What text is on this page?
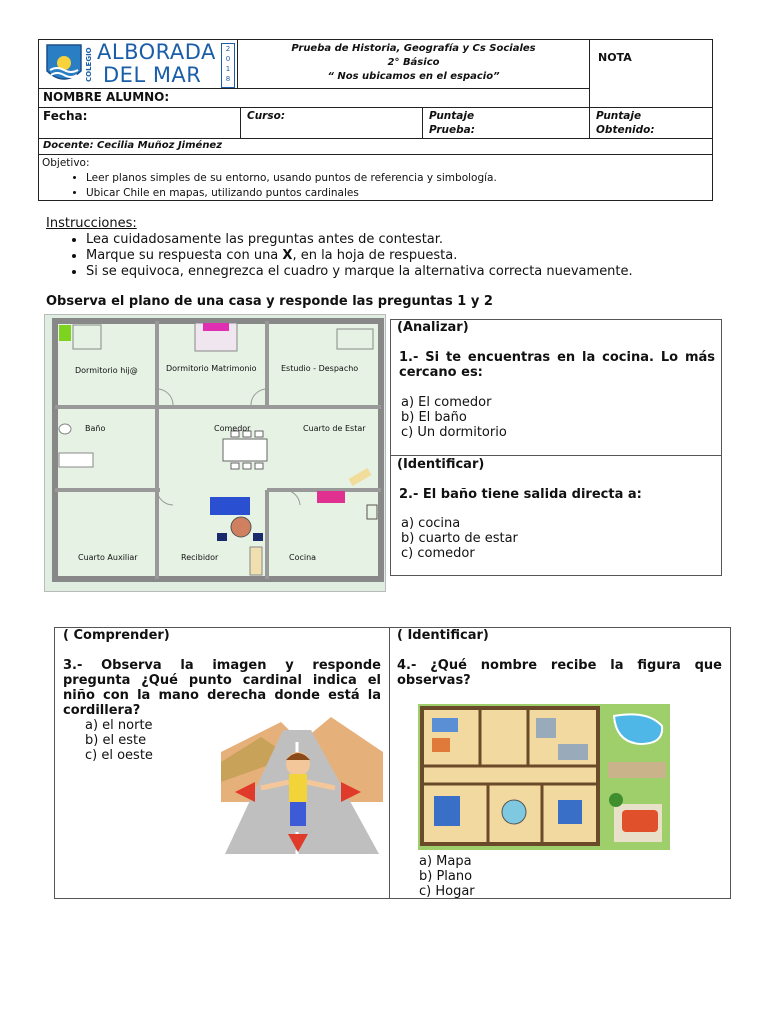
COLEGIO ALBORADA
DEL MAR
2
0
1
8
Prueba de Historia, Geografía y Cs Sociales
2° Básico
“ Nos ubicamos en el espacio”
NOTA
NOMBRE ALUMNO:
Fecha:	Curso:	Puntaje
Prueba:
Puntaje
Obtenido:
Docente: Cecilia Muñoz Jiménez
Objetivo:
• Leer planos simples de su entorno, usando puntos de referencia y simbología.
• Ubicar Chile en mapas, utilizando puntos cardinales
Instrucciones:
• Lea cuidadosamente las preguntas antes de contestar.
• Marque su respuesta con una X, en la hoja de respuesta.
• Si se equivoca, ennegrezca el cuadro y marque la alternativa correcta nuevamente.
Observa el plano de una casa y responde las preguntas 1 y 2
Dormitorio hij@	Dormitorio Matrimonio	Estudio - Despacho
Baño	Comedor	Cuarto de Estar
Cuarto Auxiliar	Recibidor	Cocina
(Analizar)
1.- Si te encuentras en la cocina. Lo más cercano es:
a) El comedor
b) El baño
c) Un dormitorio
(Identificar)
2.- El baño tiene salida directa a:
a) cocina
b) cuarto de estar
c) comedor
( Comprender)
3.- Observa la imagen y responde pregunta ¿Qué punto cardinal indica el niño con la mano derecha donde está la cordillera?
a) el norte
b) el este
c) el oeste
( Identificar)
4.- ¿Qué nombre recibe la figura que observas?
a) Mapa
b) Plano
c) Hogar
